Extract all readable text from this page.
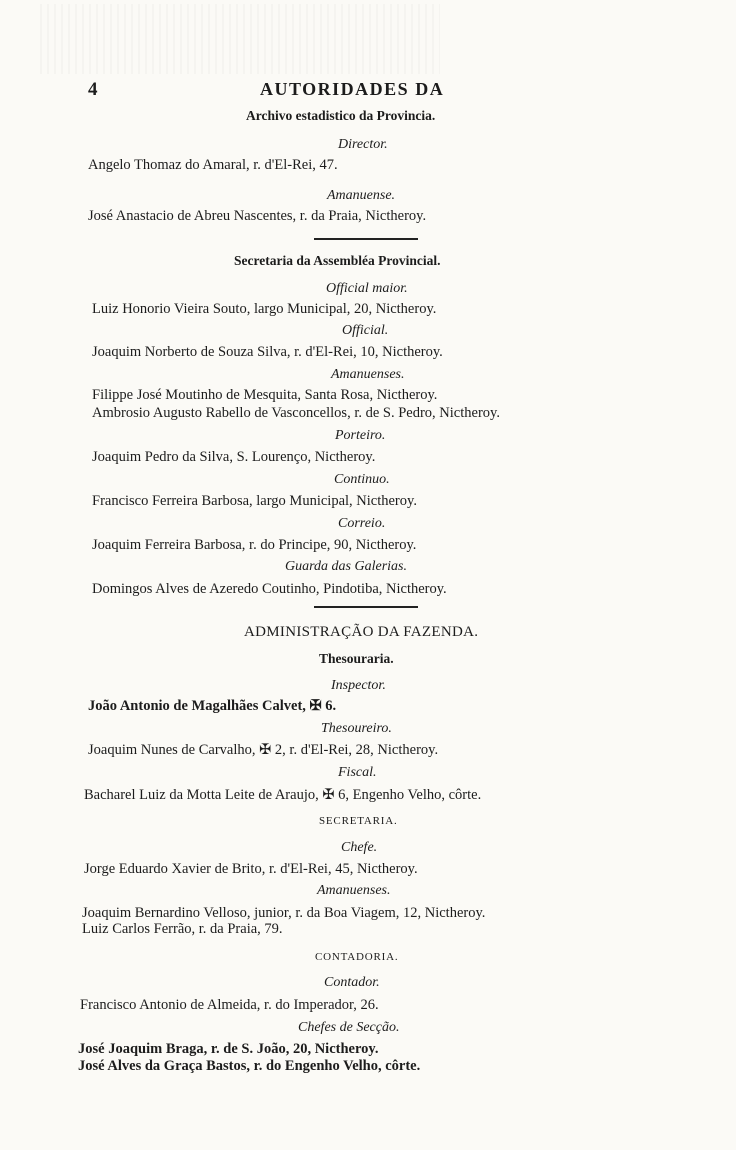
4	AUTORIDADES DA
Archivo estadistico da Provincia.
Director.
Angelo Thomaz do Amaral, r. d'El-Rei, 47.
Amanuense.
José Anastacio de Abreu Nascentes, r. da Praia, Nictheroy.
Secretaria da Assembléa Provincial.
Official maior.
Luiz Honorio Vieira Souto, largo Municipal, 20, Nictheroy.
Official.
Joaquim Norberto de Souza Silva, r. d'El-Rei, 10, Nictheroy.
Amanuenses.
Filippe José Moutinho de Mesquita, Santa Rosa, Nictheroy.
Ambrosio Augusto Rabello de Vasconcellos, r. de S. Pedro, Nictheroy.
Porteiro.
Joaquim Pedro da Silva, S. Lourenço, Nictheroy.
Continuo.
Francisco Ferreira Barbosa, largo Municipal, Nictheroy.
Correio.
Joaquim Ferreira Barbosa, r. do Principe, 90, Nictheroy.
Guarda das Galerias.
Domingos Alves de Azeredo Coutinho, Pindotiba, Nictheroy.
ADMINISTRAÇÃO DA FAZENDA.
Thesouraria.
Inspector.
João Antonio de Magalhães Calvet, ✠ 6.
Thesoureiro.
Joaquim Nunes de Carvalho, ✠ 2, r. d'El-Rei, 28, Nictheroy.
Fiscal.
Bacharel Luiz da Motta Leite de Araujo, ✠ 6, Engenho Velho, côrte.
SECRETARIA.
Chefe.
Jorge Eduardo Xavier de Brito, r. d'El-Rei, 45, Nictheroy.
Amanuenses.
Joaquim Bernardino Velloso, junior, r. da Boa Viagem, 12, Nictheroy.
Luiz Carlos Ferrão, r. da Praia, 79.
CONTADORIA.
Contador.
Francisco Antonio de Almeida, r. do Imperador, 26.
Chefes de Secção.
José Joaquim Braga, r. de S. João, 20, Nictheroy.
José Alves da Graça Bastos, r. do Engenho Velho, côrte.
